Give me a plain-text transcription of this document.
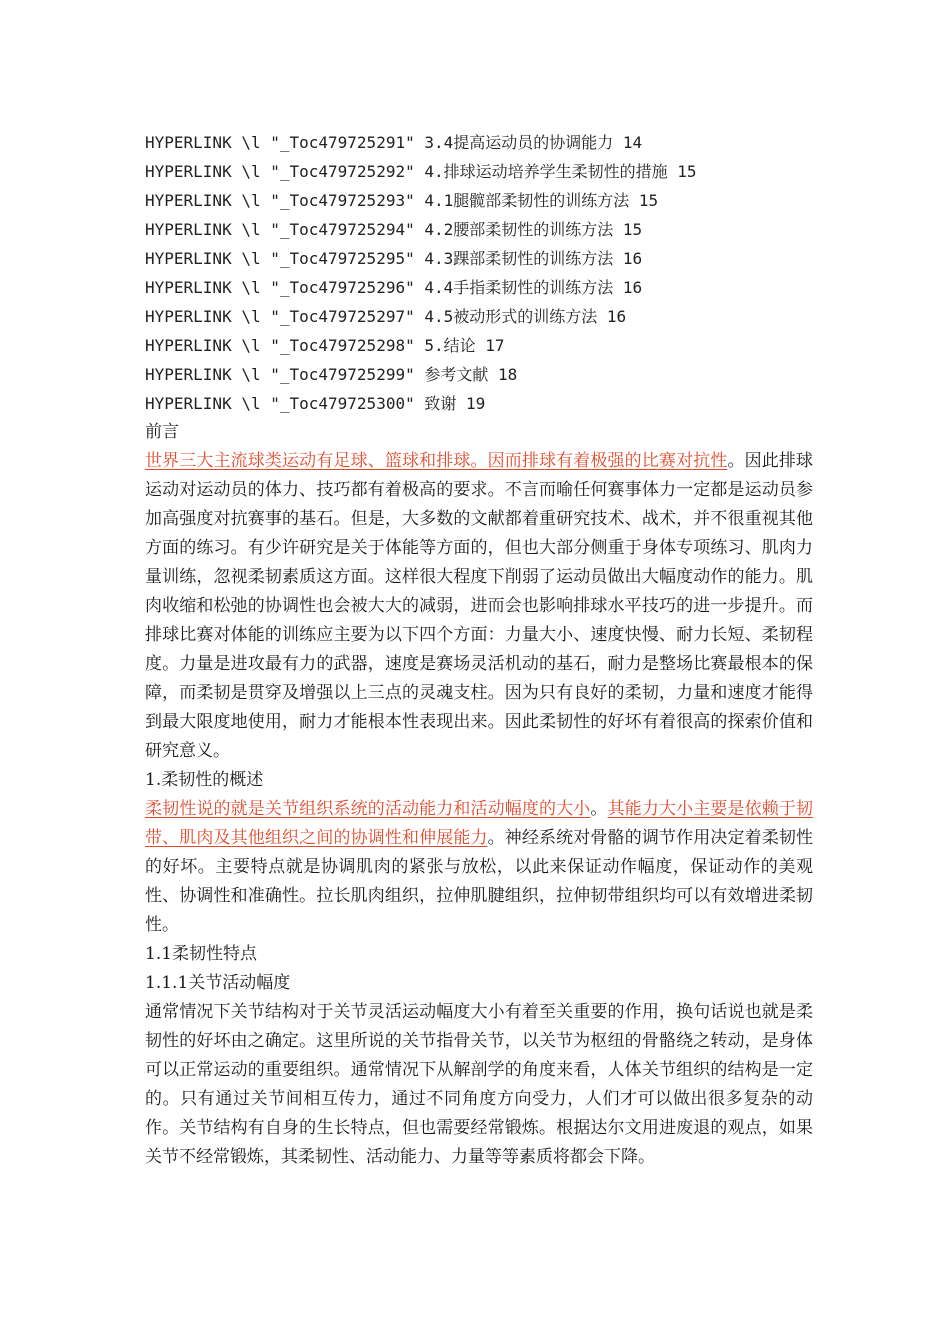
HYPERLINK \l "_Toc479725291" 3.4提高运动员的协调能力 14
HYPERLINK \l "_Toc479725292" 4.排球运动培养学生柔韧性的措施 15
HYPERLINK \l "_Toc479725293" 4.1腿髋部柔韧性的训练方法 15
HYPERLINK \l "_Toc479725294" 4.2腰部柔韧性的训练方法 15
HYPERLINK \l "_Toc479725295" 4.3踝部柔韧性的训练方法 16
HYPERLINK \l "_Toc479725296" 4.4手指柔韧性的训练方法 16
HYPERLINK \l "_Toc479725297" 4.5被动形式的训练方法 16
HYPERLINK \l "_Toc479725298" 5.结论 17
HYPERLINK \l "_Toc479725299" 参考文献 18
HYPERLINK \l "_Toc479725300" 致谢 19
前言
世界三大主流球类运动有足球、篮球和排球。因而排球有着极强的比赛对抗性。因此排球运动对运动员的体力、技巧都有着极高的要求。不言而喻任何赛事体力一定都是运动员参加高强度对抗赛事的基石。但是，大多数的文献都着重研究技术、战术，并不很重视其他方面的练习。有少许研究是关于体能等方面的，但也大部分侧重于身体专项练习、肌肉力量训练，忽视柔韧素质这方面。这样很大程度下削弱了运动员做出大幅度动作的能力。肌肉收缩和松弛的协调性也会被大大的减弱，进而会也影响排球水平技巧的进一步提升。而排球比赛对体能的训练应主要为以下四个方面：力量大小、速度快慢、耐力长短、柔韧程度。力量是进攻最有力的武器，速度是赛场灵活机动的基石，耐力是整场比赛最根本的保障，而柔韧是贯穿及增强以上三点的灵魂支柱。因为只有良好的柔韧，力量和速度才能得到最大限度地使用，耐力才能根本性表现出来。因此柔韧性的好坏有着很高的探索价值和研究意义。
1.柔韧性的概述
柔韧性说的就是关节组织系统的活动能力和活动幅度的大小。其能力大小主要是依赖于韧带、肌肉及其他组织之间的协调性和伸展能力。神经系统对骨骼的调节作用决定着柔韧性的好坏。主要特点就是协调肌肉的紧张与放松，以此来保证动作幅度，保证动作的美观性、协调性和准确性。拉长肌肉组织，拉伸肌腱组织，拉伸韧带组织均可以有效增进柔韧性。
1.1柔韧性特点
1.1.1关节活动幅度
通常情况下关节结构对于关节灵活运动幅度大小有着至关重要的作用，换句话说也就是柔韧性的好坏由之确定。这里所说的关节指骨关节，以关节为枢纽的骨骼绕之转动，是身体可以正常运动的重要组织。通常情况下从解剖学的角度来看，人体关节组织的结构是一定的。只有通过关节间相互传力，通过不同角度方向受力，人们才可以做出很多复杂的动作。关节结构有自身的生长特点，但也需要经常锻炼。根据达尔文用进废退的观点，如果关节不经常锻炼，其柔韧性、活动能力、力量等等素质将都会下降。
